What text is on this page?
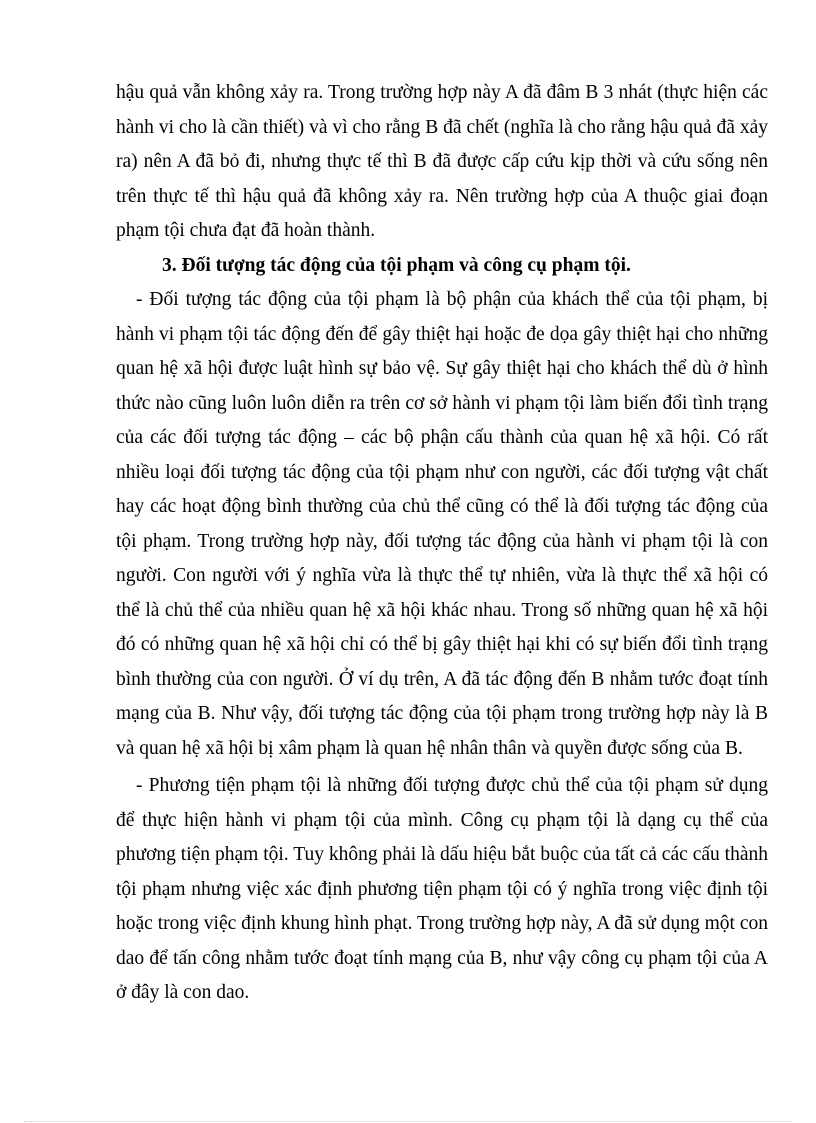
hậu quả vẫn không xảy ra. Trong trường hợp này A đã đâm B 3 nhát (thực hiện các hành vi cho là cần thiết) và vì cho rằng B đã chết (nghĩa là cho rằng hậu quả đã xảy ra) nên A đã bỏ đi, nhưng thực tế thì B đã được cấp cứu kịp thời và cứu sống nên trên thực tế thì hậu quả đã không xảy ra. Nên trường hợp của A thuộc giai đoạn phạm tội chưa đạt đã hoàn thành.

3. Đối tượng tác động của tội phạm và công cụ phạm tội.

- Đối tượng tác động của tội phạm là bộ phận của khách thể của tội phạm, bị hành vi phạm tội tác động đến để gây thiệt hại hoặc đe dọa gây thiệt hại cho những quan hệ xã hội được luật hình sự bảo vệ. Sự gây thiệt hại cho khách thể dù ở hình thức nào cũng luôn luôn diễn ra trên cơ sở hành vi phạm tội làm biến đổi tình trạng của các đối tượng tác động – các bộ phận cấu thành của quan hệ xã hội. Có rất nhiều loại đối tượng tác động của tội phạm như con người, các đối tượng vật chất hay các hoạt động bình thường của chủ thể cũng có thể là đối tượng tác động của tội phạm. Trong trường hợp này, đối tượng tác động của hành vi phạm tội là con người. Con người với ý nghĩa vừa là thực thể tự nhiên, vừa là thực thể xã hội có thể là chủ thể của nhiều quan hệ xã hội khác nhau. Trong số những quan hệ xã hội đó có những quan hệ xã hội chỉ có thể bị gây thiệt hại khi có sự biến đổi tình trạng bình thường của con người. Ở ví dụ trên, A đã tác động đến B nhằm tước đoạt tính mạng của B. Như vậy, đối tượng tác động của tội phạm trong trường hợp này là B và quan hệ xã hội bị xâm phạm là quan hệ nhân thân và quyền được sống của B.

- Phương tiện phạm tội là những đối tượng được chủ thể của tội phạm sử dụng để thực hiện hành vi phạm tội của mình. Công cụ phạm tội là dạng cụ thể của phương tiện phạm tội. Tuy không phải là dấu hiệu bắt buộc của tất cả các cấu thành tội phạm nhưng việc xác định phương tiện phạm tội có ý nghĩa trong việc định tội hoặc trong việc định khung hình phạt. Trong trường hợp này, A đã sử dụng một con dao để tấn công nhằm tước đoạt tính mạng của B, như vậy công cụ phạm tội của A ở đây là con dao.
